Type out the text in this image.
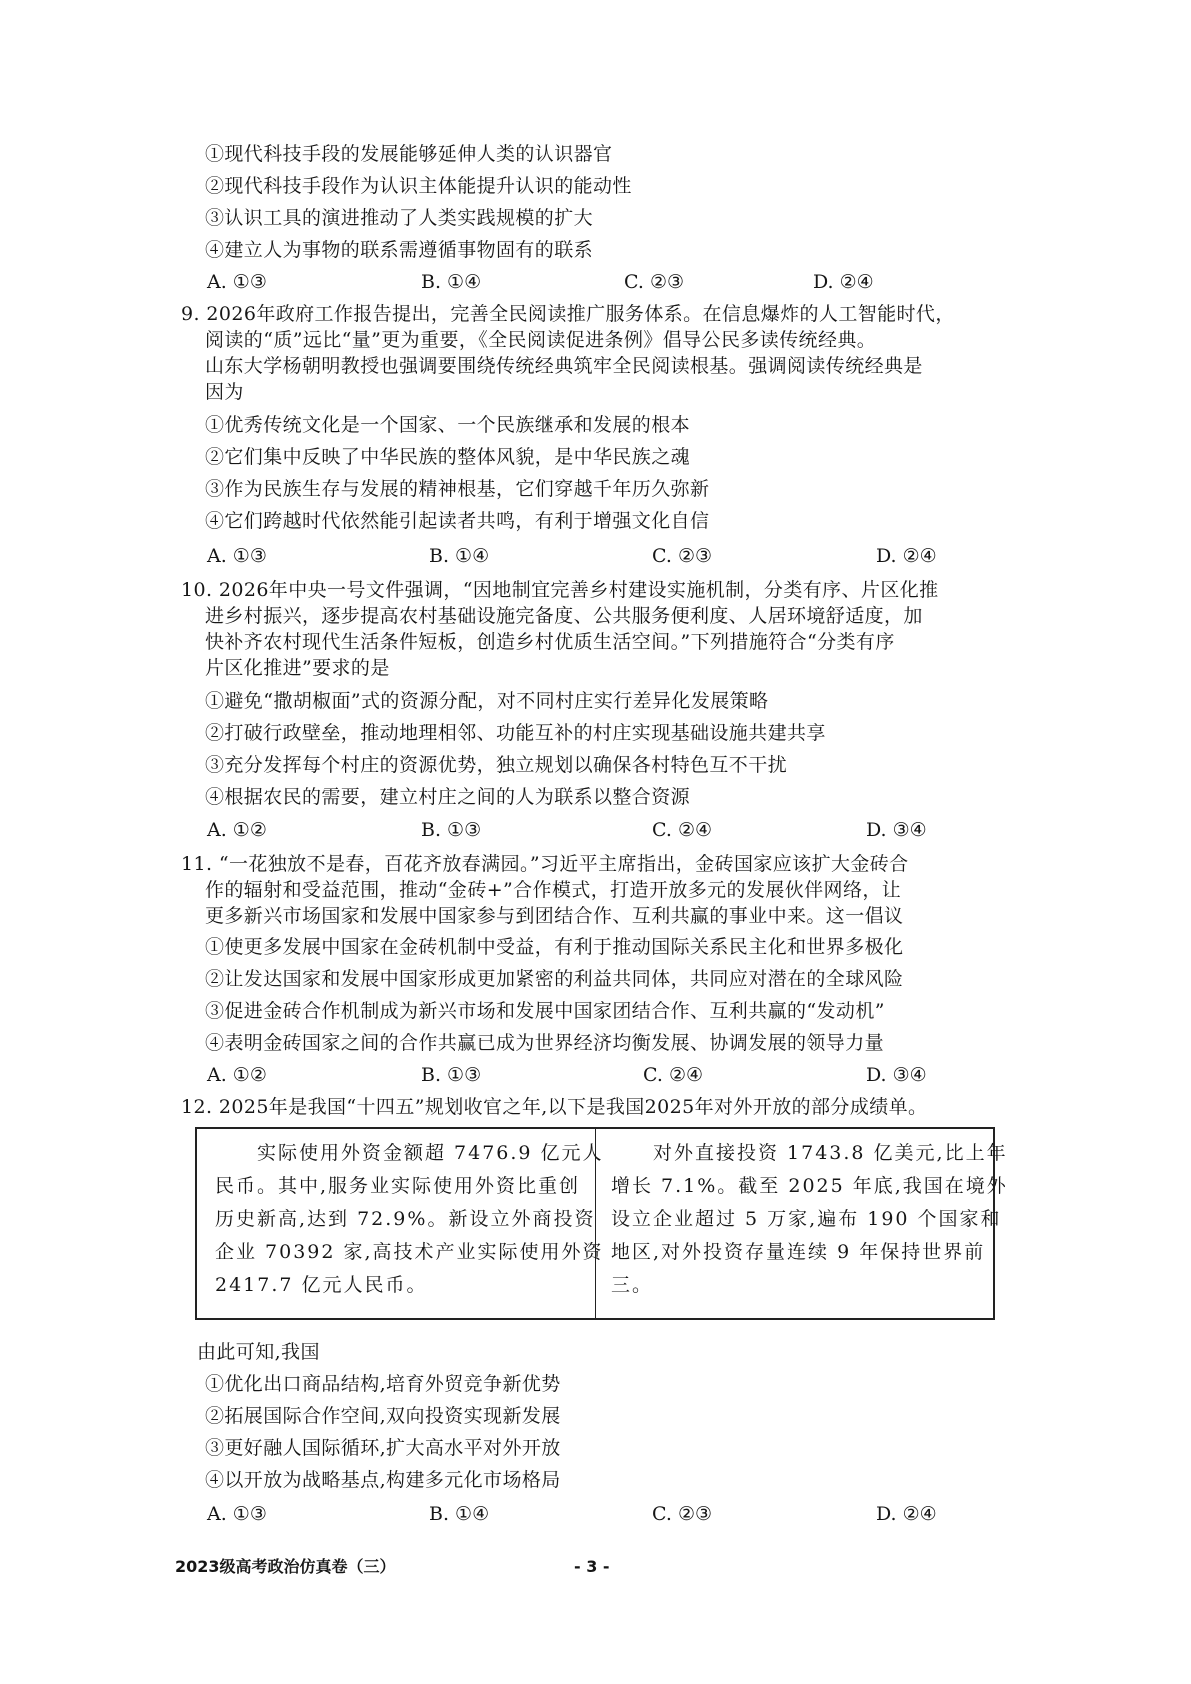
①现代科技手段的发展能够延伸人类的认识器官
②现代科技手段作为认识主体能提升认识的能动性
③认识工具的演进推动了人类实践规模的扩大
④建立人为事物的联系需遵循事物固有的联系
A. ①③	B. ①④	C. ②③	D. ②④
9. 2026年政府工作报告提出，完善全民阅读推广服务体系。在信息爆炸的人工智能时代，
阅读的“质”远比“量”更为重要，《全民阅读促进条例》倡导公民多读传统经典。
山东大学杨朝明教授也强调要围绕传统经典筑牢全民阅读根基。强调阅读传统经典是
因为
①优秀传统文化是一个国家、一个民族继承和发展的根本
②它们集中反映了中华民族的整体风貌，是中华民族之魂
③作为民族生存与发展的精神根基，它们穿越千年历久弥新
④它们跨越时代依然能引起读者共鸣，有利于增强文化自信
A. ①③	B. ①④	C. ②③	D. ②④
10. 2026年中央一号文件强调，“因地制宜完善乡村建设实施机制，分类有序、片区化推
进乡村振兴，逐步提高农村基础设施完备度、公共服务便利度、人居环境舒适度，加
快补齐农村现代生活条件短板，创造乡村优质生活空间。”下列措施符合“分类有序
片区化推进”要求的是
①避免“撒胡椒面”式的资源分配，对不同村庄实行差异化发展策略
②打破行政壁垒，推动地理相邻、功能互补的村庄实现基础设施共建共享
③充分发挥每个村庄的资源优势，独立规划以确保各村特色互不干扰
④根据农民的需要，建立村庄之间的人为联系以整合资源
A. ①②	B. ①③	C. ②④	D. ③④
11. “一花独放不是春，百花齐放春满园。”习近平主席指出，金砖国家应该扩大金砖合
作的辐射和受益范围，推动“金砖+”合作模式，打造开放多元的发展伙伴网络，让
更多新兴市场国家和发展中国家参与到团结合作、互利共赢的事业中来。这一倡议
①使更多发展中国家在金砖机制中受益，有利于推动国际关系民主化和世界多极化
②让发达国家和发展中国家形成更加紧密的利益共同体，共同应对潜在的全球风险
③促进金砖合作机制成为新兴市场和发展中国家团结合作、互利共赢的“发动机”
④表明金砖国家之间的合作共赢已成为世界经济均衡发展、协调发展的领导力量
A. ①②	B. ①③	C. ②④	D. ③④
12. 2025年是我国“十四五”规划收官之年,以下是我国2025年对外开放的部分成绩单。
　　实际使用外资金额超 7476.9 亿元人
民币。其中,服务业实际使用外资比重创
历史新高,达到 72.9%。新设立外商投资
企业 70392 家,高技术产业实际使用外资
2417.7 亿元人民币。
　　对外直接投资 1743.8 亿美元,比上年
增长 7.1%。截至 2025 年底,我国在境外
设立企业超过 5 万家,遍布 190 个国家和
地区,对外投资存量连续 9 年保持世界前
三。
由此可知,我国
①优化出口商品结构,培育外贸竞争新优势
②拓展国际合作空间,双向投资实现新发展
③更好融人国际循环,扩大高水平对外开放
④以开放为战略基点,构建多元化市场格局
A. ①③	B. ①④	C. ②③	D. ②④
2023级高考政治仿真卷（三）	- 3 -
